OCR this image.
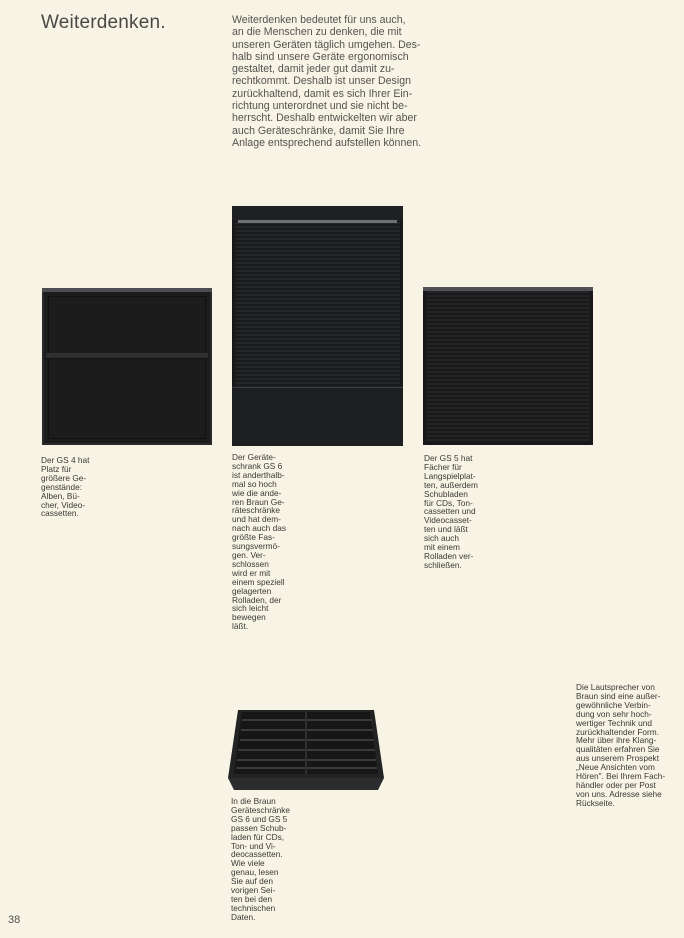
Weiterdenken.	Weiterdenken bedeutet für uns auch,
an die Menschen zu denken, die mit
unseren Geräten täglich umgehen. Des-
halb sind unsere Geräte ergonomisch
gestaltet, damit jeder gut damit zu-
rechtkommt. Deshalb ist unser Design
zurückhaltend, damit es sich Ihrer Ein-
richtung unterordnet und sie nicht be-
herrscht. Deshalb entwickelten wir aber
auch Geräteschränke, damit Sie Ihre
Anlage entsprechend aufstellen können.
Der GS 4 hat
Platz für
größere Ge-
genstände:
Alben, Bü-
cher, Video-
cassetten.
Der Geräte-
schrank GS 6
ist anderthalb-
mal so hoch
wie die ande-
ren Braun Ge-
räteschränke
und hat dem-
nach auch das
größte Fas-
sungsvermö-
gen. Ver-
schlossen
wird er mit
einem speziell
gelagerten
Rolladen, der
sich leicht
bewegen
läßt.
Der GS 5 hat
Fächer für
Langspielplat-
ten, außerdem
Schubladen
für CDs, Ton-
cassetten und
Videocasset-
ten und läßt
sich auch
mit einem
Rolladen ver-
schließen.
In die Braun
Geräteschränke
GS 6 und GS 5
passen Schub-
laden für CDs,
Ton- und Vi-
deocassetten.
Wie viele
genau, lesen
Sie auf den
vorigen Sei-
ten bei den
technischen
Daten.
Die Lautsprecher von
Braun sind eine außer-
gewöhnliche Verbin-
dung von sehr hoch-
wertiger Technik und
zurückhaltender Form.
Mehr über ihre Klang-
qualitäten erfahren Sie
aus unserem Prospekt
„Neue Ansichten vom
Hören". Bei Ihrem Fach-
händler oder per Post
von uns. Adresse siehe
Rückseite.
38
